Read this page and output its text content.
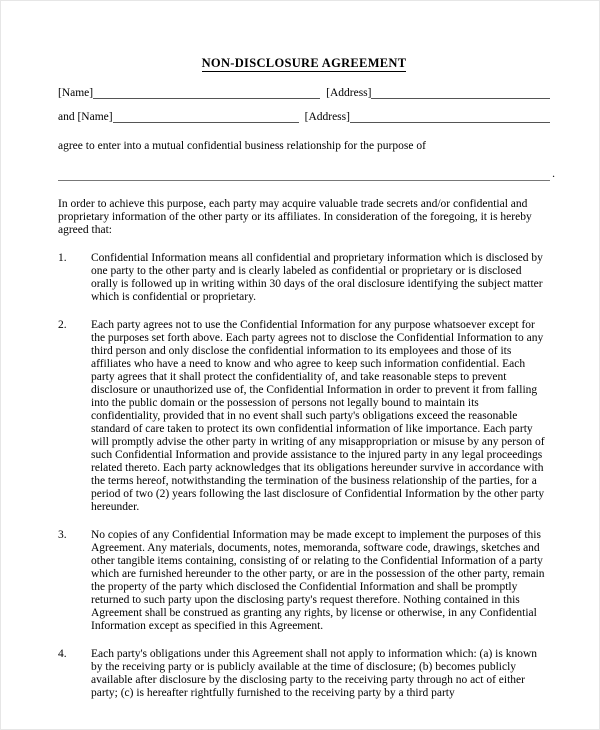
NON-DISCLOSURE AGREEMENT
[Name]	[Address]
and [Name]	[Address]

agree to enter into a mutual confidential business relationship for the purpose of

.

In order to achieve this purpose, each party may acquire valuable trade secrets and/or confidential and proprietary information of the other party or its affiliates. In consideration of the foregoing, it is hereby agreed that:

1.	Confidential Information means all confidential and proprietary information which is disclosed by one party to the other party and is clearly labeled as confidential or proprietary or is disclosed orally is followed up in writing within 30 days of the oral disclosure identifying the subject matter which is confidential or proprietary.
2.	Each party agrees not to use the Confidential Information for any purpose whatsoever except for the purposes set forth above. Each party agrees not to disclose the Confidential Information to any third person and only disclose the confidential information to its employees and those of its affiliates who have a need to know and who agree to keep such information confidential. Each party agrees that it shall protect the confidentiality of, and take reasonable steps to prevent disclosure or unauthorized use of, the Confidential Information in order to prevent it from falling into the public domain or the possession of persons not legally bound to maintain its confidentiality, provided that in no event shall such party's obligations exceed the reasonable standard of care taken to protect its own confidential information of like importance. Each party will promptly advise the other party in writing of any misappropriation or misuse by any person of such Confidential Information and provide assistance to the injured party in any legal proceedings related thereto. Each party acknowledges that its obligations hereunder survive in accordance with the terms hereof, notwithstanding the termination of the business relationship of the parties, for a period of two (2) years following the last disclosure of Confidential Information by the other party hereunder.
3.	No copies of any Confidential Information may be made except to implement the purposes of this Agreement. Any materials, documents, notes, memoranda, software code, drawings, sketches and other tangible items containing, consisting of or relating to the Confidential Information of a party which are furnished hereunder to the other party, or are in the possession of the other party, remain the property of the party which disclosed the Confidential Information and shall be promptly returned to such party upon the disclosing party's request therefore. Nothing contained in this Agreement shall be construed as granting any rights, by license or otherwise, in any Confidential Information except as specified in this Agreement.
4.	Each party's obligations under this Agreement shall not apply to information which: (a) is known by the receiving party or is publicly available at the time of disclosure; (b) becomes publicly available after disclosure by the disclosing party to the receiving party through no act of either party; (c) is hereafter rightfully furnished to the receiving party by a third party
